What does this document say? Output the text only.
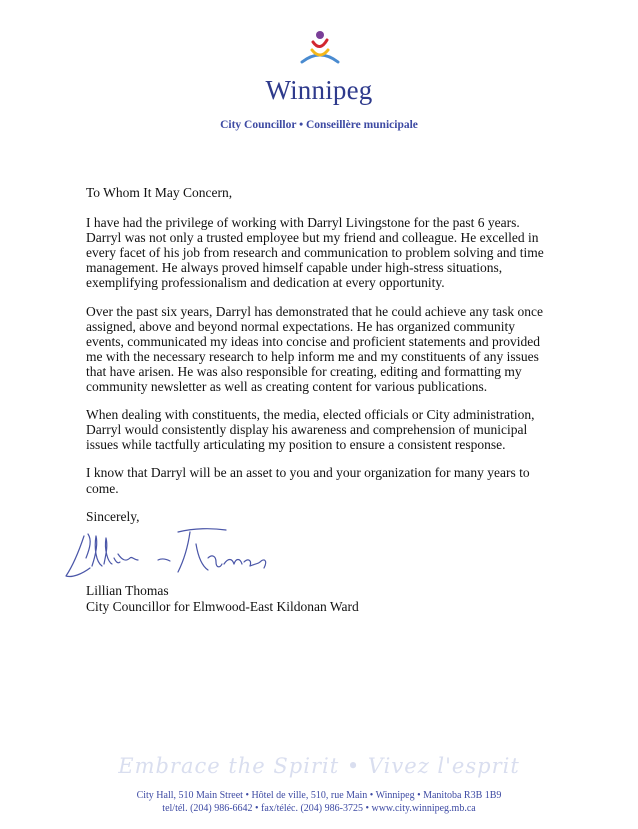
Winnipeg
City Councillor • Conseillère municipale

To Whom It May Concern,

I have had the privilege of working with Darryl Livingstone for the past 6 years. Darryl was not only a trusted employee but my friend and colleague. He excelled in every facet of his job from research and communication to problem solving and time management. He always proved himself capable under high-stress situations, exemplifying professionalism and dedication at every opportunity.

Over the past six years, Darryl has demonstrated that he could achieve any task once assigned, above and beyond normal expectations. He has organized community events, communicated my ideas into concise and proficient statements and provided me with the necessary research to help inform me and my constituents of any issues that have arisen. He was also responsible for creating, editing and formatting my community newsletter as well as creating content for various publications.

When dealing with constituents, the media, elected officials or City administration, Darryl would consistently display his awareness and comprehension of municipal issues while tactfully articulating my position to ensure a consistent response.

I know that Darryl will be an asset to you and your organization for many years to come.

Sincerely,
Lillian Thomas
City Councillor for Elmwood-East Kildonan Ward
Embrace the Spirit • Vivez l'esprit
City Hall, 510 Main Street • Hôtel de ville, 510, rue Main • Winnipeg • Manitoba R3B 1B9
tel/tél. (204) 986-6642 • fax/téléc. (204) 986-3725 • www.city.winnipeg.mb.ca
